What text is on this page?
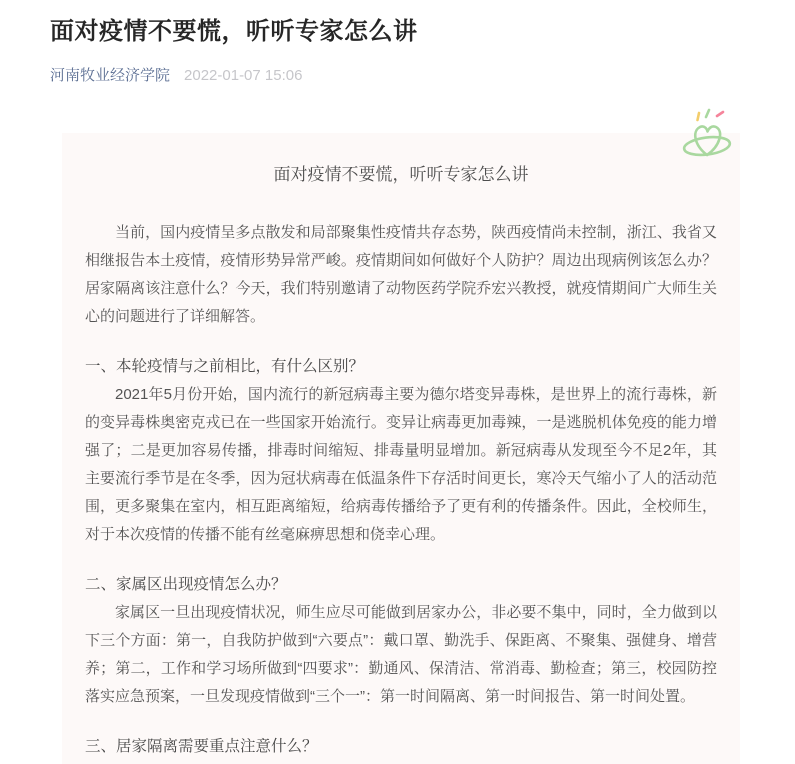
面对疫情不要慌，听听专家怎么讲
河南牧业经济学院 2022-01-07 15:06
面对疫情不要慌，听听专家怎么讲

当前，国内疫情呈多点散发和局部聚集性疫情共存态势，陕西疫情尚未控制，浙江、我省又相继报告本土疫情，疫情形势异常严峻。疫情期间如何做好个人防护？周边出现病例该怎么办？居家隔离该注意什么？今天，我们特别邀请了动物医药学院乔宏兴教授，就疫情期间广大师生关心的问题进行了详细解答。

一、本轮疫情与之前相比，有什么区别？

2021年5月份开始，国内流行的新冠病毒主要为德尔塔变异毒株，是世界上的流行毒株，新的变异毒株奥密克戎已在一些国家开始流行。变异让病毒更加毒辣，一是逃脱机体免疫的能力增强了；二是更加容易传播，排毒时间缩短、排毒量明显增加。新冠病毒从发现至今不足2年，其主要流行季节是在冬季，因为冠状病毒在低温条件下存活时间更长，寒冷天气缩小了人的活动范围，更多聚集在室内，相互距离缩短，给病毒传播给予了更有利的传播条件。因此，全校师生，对于本次疫情的传播不能有丝毫麻痹思想和侥幸心理。

二、家属区出现疫情怎么办？

家属区一旦出现疫情状况，师生应尽可能做到居家办公，非必要不集中，同时，全力做到以下三个方面：第一，自我防护做到“六要点”：戴口罩、勤洗手、保距离、不聚集、强健身、增营养；第二，工作和学习场所做到“四要求”：勤通风、保清洁、常消毒、勤检查；第三，校园防控落实应急预案，一旦发现疫情做到“三个一”：第一时间隔离、第一时间报告、第一时间处置。

三、居家隔离需要重点注意什么？
